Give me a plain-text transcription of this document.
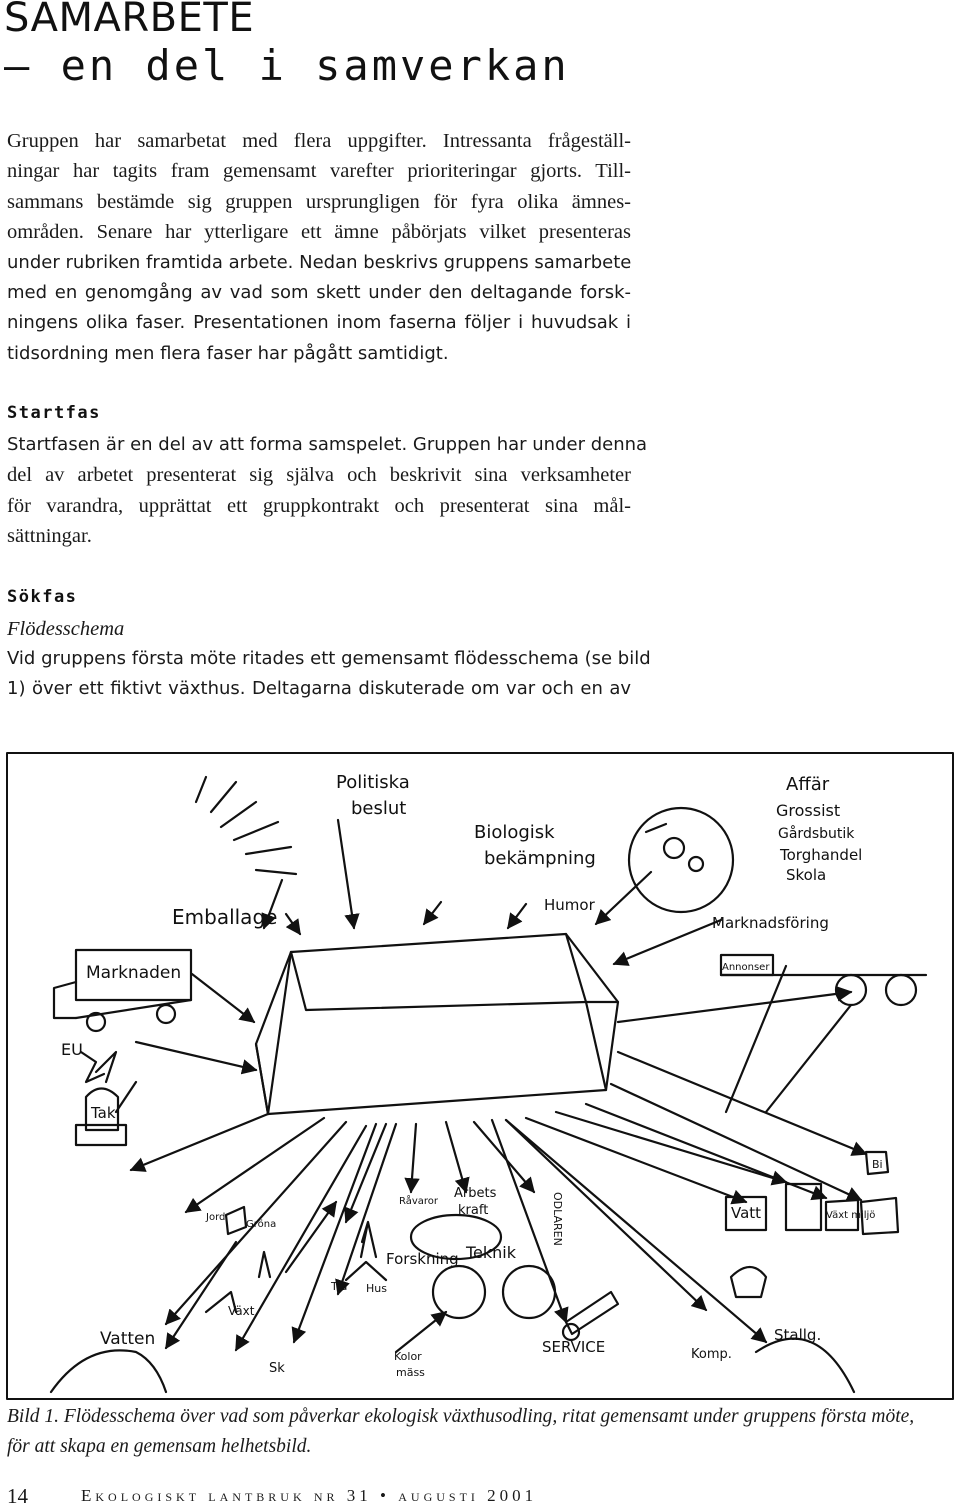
SAMARBETE
– en del i samverkan
Gruppen har samarbetat med flera uppgifter. Intressanta frågeställ-
ningar har tagits fram gemensamt varefter prioriteringar gjorts. Till-
sammans bestämde sig gruppen ursprungligen för fyra olika ämnes-
områden. Senare har ytterligare ett ämne påbörjats vilket presenteras
under rubriken framtida arbete. Nedan beskrivs gruppens samarbete
med en genomgång av vad som skett under den deltagande forsk-
ningens olika faser. Presentationen inom faserna följer i huvudsak i
tidsordning men flera faser har pågått samtidigt.
Startfas
Startfasen är en del av att forma samspelet. Gruppen har under denna
del av arbetet presenterat sig själva och beskrivit sina verksamheter
för varandra, upprättat ett gruppkontrakt och presenterat sina mål-
sättningar.
Sökfas

Flödesschema

Vid gruppens första möte ritades ett gemensamt flödesschema (se bild
1) över ett fiktivt växthus. Deltagarna diskuterade om var och en av
Politiska
beslut
Biologisk
bekämpning
Humor
Emballage
Marknaden
Affär
Grossist
Gårdsbutik
Torghandel
Skola
Marknadsföring
Annonser
EU
Tak
Jord
Gröna
Vatten
Sk
Växt
Råvaror
Arbets
kraft	ODLAREN
Forskning Teknik
Trä Hus
Kolor
mäss
SERVICE	Komp.
Stallg.
Vatt	Växt miljö
Bi
Bild 1. Flödesschema över vad som påverkar ekologisk växthusodling, ritat gemensamt under gruppens första möte,
för att skapa en gemensam helhetsbild.
14	Ekologiskt lantbruk nr 31 • augusti 2001
